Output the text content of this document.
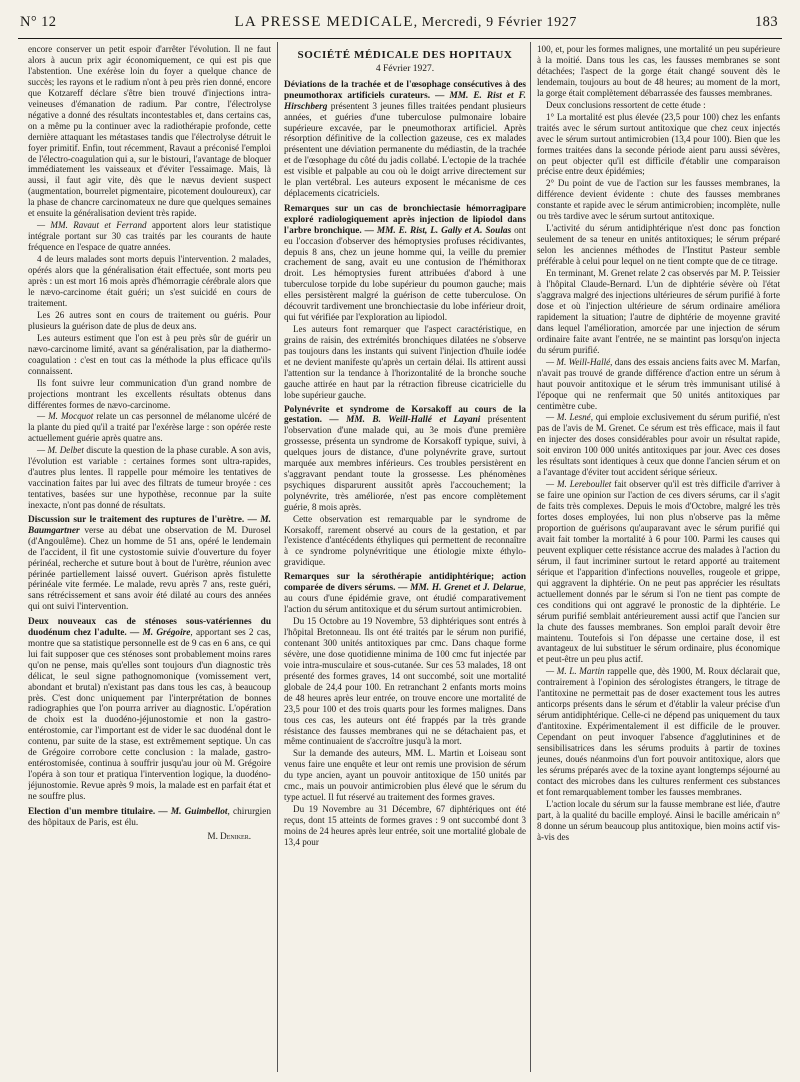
N° 12	LA PRESSE MEDICALE, Mercredi, 9 Février 1927	183

encore conserver un petit espoir d'arrêter l'évolution. Il ne faut alors à aucun prix agir économiquement, ce qui est pis que l'abstention. Une exérèse loin du foyer a quelque chance de succès; les rayons et le radium n'ont à peu près rien donné, encore que Kotzareff déclare s'être bien trouvé d'injections intra-veineuses d'émanation de radium. Par contre, l'électrolyse négative a donné des résultats incontestables et, dans certains cas, on a même pu la continuer avec la radiothérapie profonde, cette dernière attaquant les métastases tandis que l'électrolyse détruit le foyer primitif. Enfin, tout récemment, Ravaut a préconisé l'emploi de l'électro-coagulation qui a, sur le bistouri, l'avantage de bloquer immédiatement les vaisseaux et d'éviter l'essaimage. Mais, là aussi, il faut agir vite, dès que le nævus devient suspect (augmentation, bourrelet pigmentaire, picotement douloureux), car la phase de chancre carcinomateux ne dure que quelques semaines et ensuite la généralisation devient très rapide.

— MM. Ravaut et Ferrand apportent alors leur statistique intégrale portant sur 30 cas traités par les courants de haute fréquence en l'espace de quatre années.

4 de leurs malades sont morts depuis l'intervention. 2 malades, opérés alors que la généralisation était effectuée, sont morts peu après : un est mort 16 mois après d'hémorragie cérébrale alors que le nævo-carcinome était guéri; un s'est suicidé en cours de traitement.

Les 26 autres sont en cours de traitement ou guéris. Pour plusieurs la guérison date de plus de deux ans.

Les auteurs estiment que l'on est à peu près sûr de guérir un nævo-carcinome limité, avant sa généralisation, par la diathermo-coagulation : c'est en tout cas la méthode la plus efficace qu'ils connaissent.

Ils font suivre leur communication d'un grand nombre de projections montrant les excellents résultats obtenus dans différentes formes de nævo-carcinome.

— M. Mocquot relate un cas personnel de mélanome ulcéré de la plante du pied qu'il a traité par l'exérèse large : son opérée reste actuellement guérie après quatre ans.

— M. Delbet discute la question de la phase curable. A son avis, l'évolution est variable : certaines formes sont ultra-rapides, d'autres plus lentes. Il rappelle pour mémoire les tentatives de vaccination faites par lui avec des filtrats de tumeur broyée : ces tentatives, basées sur une hypothèse, reconnue par la suite inexacte, n'ont pas donné de résultats.

Discussion sur le traitement des ruptures de l'urètre. — M. Baumgartner verse au débat une observation de M. Durosel (d'Angoulême). Chez un homme de 51 ans, opéré le lendemain de l'accident, il fit une cystostomie suivie d'ouverture du foyer périnéal, recherche et suture bout à bout de l'urètre, réunion avec périnée partiellement laissé ouvert. Guérison après fistulette périnéale vite fermée. Le malade, revu après 7 ans, reste guéri, sans rétrécissement et sans avoir été dilaté au cours des années qui ont suivi l'intervention.
Deux nouveaux cas de sténoses sous-vatériennes du duodénum chez l'adulte. — M. Grégoire, apportant ses 2 cas, montre que sa statistique personnelle est de 9 cas en 6 ans, ce qui lui fait supposer que ces sténoses sont probablement moins rares qu'on ne pense, mais qu'elles sont toujours d'un diagnostic très délicat, le seul signe pathognomonique (vomissement vert, abondant et brutal) n'existant pas dans tous les cas, à beaucoup près. C'est donc uniquement par l'interprétation de bonnes radiographies que l'on pourra arriver au diagnostic. L'opération de choix est la duodéno-jéjunostomie et non la gastro-entérostomie, car l'important est de vider le sac duodénal dont le contenu, par suite de la stase, est extrêmement septique. Un cas de Grégoire corrobore cette conclusion : la malade, gastro-entérostomisée, continua à souffrir jusqu'au jour où M. Grégoire l'opéra à son tour et pratiqua l'intervention logique, la duodéno-jéjunostomie. Revue après 9 mois, la malade est en parfait état et ne souffre plus.
Election d'un membre titulaire. — M. Guimbellot, chirurgien des hôpitaux de Paris, est élu.
M. Deniker.
SOCIÉTÉ MÉDICALE DES HOPITAUX
4 Février 1927.
Déviations de la trachée et de l'œsophage consécutives à des pneumothorax artificiels curateurs. — MM. E. Rist et F. Hirschberg présentent 3 jeunes filles traitées pendant plusieurs années, et guéries d'une tuberculose pulmonaire lobaire supérieure excavée, par le pneumothorax artificiel. Après résorption définitive de la collection gazeuse, ces ex malades présentent une déviation permanente du médiastin, de la trachée et de l'œsophage du côté du jadis collabé. L'ectopie de la trachée est visible et palpable au cou où le doigt arrive directement sur le plan vertébral. Les auteurs exposent le mécanisme de ces déplacements cicatriciels.
Remarques sur un cas de bronchiectasie hémorragipare exploré radiologiquement après injection de lipiodol dans l'arbre bronchique. — MM. E. Rist, L. Gally et A. Soulas ont eu l'occasion d'observer des hémoptysies profuses récidivantes, depuis 8 ans, chez un jeune homme qui, la veille du premier crachement de sang, avait eu une contusion de l'hémithorax droit. Les hémoptysies furent attribuées d'abord à une tuberculose torpide du lobe supérieur du poumon gauche; mais elles persistèrent malgré la guérison de cette tuberculose. On découvrit tardivement une bronchiectasie du lobe inférieur droit, qui fut vérifiée par l'exploration au lipiodol.

Les auteurs font remarquer que l'aspect caractéristique, en grains de raisin, des extrémités bronchiques dilatées ne s'observe pas toujours dans les instants qui suivent l'injection d'huile iodée et ne devient manifeste qu'après un certain délai. Ils attirent aussi l'attention sur la tendance à l'horizontalité de la bronche souche gauche attirée en haut par la rétraction fibreuse cicatricielle du lobe supérieur gauche.

Polynévrite et syndrome de Korsakoff au cours de la gestation. — MM. B. Weill-Hallé et Layani présentent l'observation d'une malade qui, au 3e mois d'une première grossesse, présenta un syndrome de Korsakoff typique, suivi, à quelques jours de distance, d'une polynévrite grave, surtout marquée aux membres inférieurs. Ces troubles persistèrent en s'aggravant pendant toute la grossesse. Les phénomènes psychiques disparurent aussitôt après l'accouchement; la polynévrite, très améliorée, n'est pas encore complètement guérie, 8 mois après.

Cette observation est remarquable par le syndrome de Korsakoff, rarement observé au cours de la gestation, et par l'existence d'antécédents éthyliques qui permettent de reconnaître à ce syndrome polynévritique une étiologie mixte éthylo-gravidique.

Remarques sur la sérothérapie antidiphtérique; action comparée de divers sérums. — MM. H. Grenet et J. Delarue, au cours d'une épidémie grave, ont étudié comparativement l'action du sérum antitoxique et du sérum surtout antimicrobien.

Du 15 Octobre au 19 Novembre, 53 diphtériques sont entrés à l'hôpital Bretonneau. Ils ont été traités par le sérum non purifié, contenant 300 unités antitoxiques par cmc. Dans chaque forme sévère, une dose quotidienne minima de 100 cmc fut injectée par voie intra-musculaire et sous-cutanée. Sur ces 53 malades, 18 ont présenté des formes graves, 14 ont succombé, soit une mortalité globale de 24,4 pour 100. En retranchant 2 enfants morts moins de 48 heures après leur entrée, on trouve encore une mortalité de 23,5 pour 100 et des trois quarts pour les formes malignes. Dans tous ces cas, les auteurs ont été frappés par la très grande résistance des fausses membranes qui ne se détachaient pas, et même continuaient de s'accroître jusqu'à la mort.

Sur la demande des auteurs, MM. L. Martin et Loiseau sont venus faire une enquête et leur ont remis une provision de sérum du type ancien, ayant un pouvoir antitoxique de 150 unités par cmc., mais un pouvoir antimicrobien plus élevé que le sérum du type actuel. Il fut réservé au traitement des formes graves.

Du 19 Novembre au 31 Décembre, 67 diphtériques ont été reçus, dont 15 atteints de formes graves : 9 ont succombé dont 3 moins de 24 heures après leur entrée, soit une mortalité globale de 13,4 pour

100, et, pour les formes malignes, une mortalité un peu supérieure à la moitié. Dans tous les cas, les fausses membranes se sont détachées; l'aspect de la gorge était changé souvent dès le lendemain, toujours au bout de 48 heures; au moment de la mort, la gorge était complètement débarrassée des fausses membranes.

Deux conclusions ressortent de cette étude :

1° La mortalité est plus élevée (23,5 pour 100) chez les enfants traités avec le sérum surtout antitoxique que chez ceux injectés avec le sérum surtout antimicrobien (13,4 pour 100). Bien que les formes traitées dans la seconde période aient paru aussi sévères, on peut objecter qu'il est difficile d'établir une comparaison précise entre deux épidémies;

2° Du point de vue de l'action sur les fausses membranes, la différence devient évidente : chute des fausses membranes constante et rapide avec le sérum antimicrobien; incomplète, nulle ou très tardive avec le sérum surtout antitoxique.

L'activité du sérum antidiphtérique n'est donc pas fonction seulement de sa teneur en unités antitoxiques; le sérum préparé selon les anciennes méthodes de l'Institut Pasteur semble préférable à celui pour lequel on ne tient compte que de ce titrage.

En terminant, M. Grenet relate 2 cas observés par M. P. Teissier à l'hôpital Claude-Bernard. L'un de diphtérie sévère où l'état s'aggrava malgré des injections ultérieures de sérum purifié à forte dose et où l'injection ultérieure de sérum ordinaire améliora rapidement la situation; l'autre de diphtérie de moyenne gravité dans lequel l'amélioration, amorcée par une injection de sérum ordinaire faite avant l'entrée, ne se maintint pas lorsqu'on injecta du sérum purifié.

— M. Weill-Hallé, dans des essais anciens faits avec M. Marfan, n'avait pas trouvé de grande différence d'action entre un sérum à haut pouvoir antitoxique et le sérum très immunisant utilisé à l'époque qui ne renfermait que 50 unités antitoxiques par centimètre cube.

— M. Lesné, qui emploie exclusivement du sérum purifié, n'est pas de l'avis de M. Grenet. Ce sérum est très efficace, mais il faut en injecter des doses considérables pour avoir un résultat rapide, soit environ 100 000 unités antitoxiques par jour. Avec ces doses les résultats sont identiques à ceux que donne l'ancien sérum et on a l'avantage d'éviter tout accident sérique sérieux.

— M. Lereboullet fait observer qu'il est très difficile d'arriver à se faire une opinion sur l'action de ces divers sérums, car il s'agit de faits très complexes. Depuis le mois d'Octobre, malgré les très fortes doses employées, lui non plus n'observe pas la même proportion de guérisons qu'auparavant avec le sérum purifié qui avait fait tomber la mortalité à 6 pour 100. Parmi les causes qui peuvent expliquer cette résistance accrue des malades à l'action du sérum, il faut incriminer surtout le retard apporté au traitement sérique et l'apparition d'infections nouvelles, rougeole et grippe, qui aggravent la diphtérie. On ne peut pas apprécier les résultats actuellement donnés par le sérum si l'on ne tient pas compte de ces conditions qui ont aggravé le pronostic de la diphtérie. Le sérum purifié semblait antérieurement aussi actif que l'ancien sur la chute des fausses membranes. Son emploi paraît devoir être maintenu. Toutefois si l'on dépasse une certaine dose, il est avantageux de lui substituer le sérum ordinaire, plus économique et peut-être un peu plus actif.

— M. L. Martin rappelle que, dès 1900, M. Roux déclarait que, contrairement à l'opinion des sérologistes étrangers, le titrage de l'antitoxine ne permettait pas de doser exactement tous les autres anticorps présents dans le sérum et d'établir la valeur précise d'un sérum antidiphtérique. Celle-ci ne dépend pas uniquement du taux d'antitoxine. Expérimentalement il est difficile de le prouver. Cependant on peut invoquer l'absence d'agglutinines et de sensibilisatrices dans les sérums produits à partir de toxines jeunes, doués néanmoins d'un fort pouvoir antitoxique, alors que les sérums préparés avec de la toxine ayant longtemps séjourné au contact des microbes dans les cultures renferment ces substances et font remarquablement tomber les fausses membranes.

L'action locale du sérum sur la fausse membrane est liée, d'autre part, à la qualité du bacille employé. Ainsi le bacille américain n° 8 donne un sérum beaucoup plus antitoxique, bien moins actif vis-à-vis des
